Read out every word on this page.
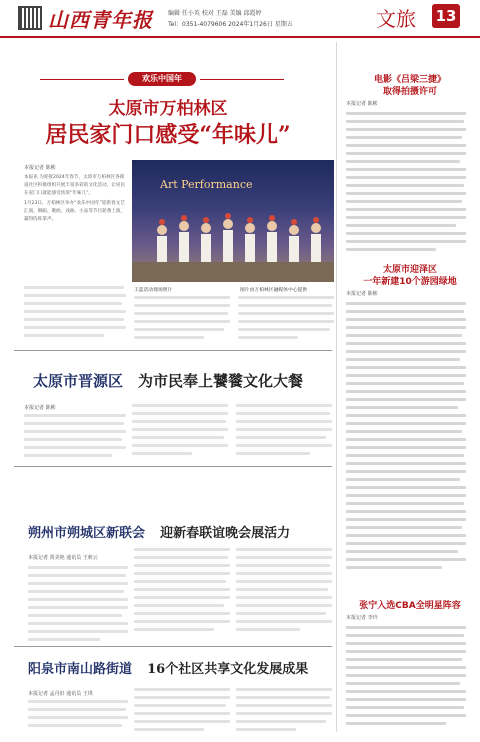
山西青年报	编辑 任小英 校对 王磊 美编 邱霞婷
Tel：0351-4079606 2024年1月26日 星期五	文旅 13
欢乐中国年
太原市万柏林区
居民家门口感受“年味儿”
本报记者 陈彬

本报讯 为迎接2024年春节，太原市万柏林区各街道社区积极组织开展丰富多彩的文化活动，让居民在家门口就能感受浓浓“年味儿”。

1月23日，万柏林区举办“欢乐中国年”迎新春文艺汇演，舞蹈、歌曲、戏曲、小品等节目轮番上演，赢得阵阵掌声。

Art Performance
王蓝活动现场照片	图片由万柏林区融媒体中心提供
太原市晋源区 为市民奉上饕餮文化大餐
本报记者 陈彬
朔州市朔城区新联会 迎新春联谊晚会展活力
本报记者 贾美艳 通讯员 王莉云
阳泉市南山路街道 16个社区共享文化发展成果
本报记者 孟丹旧 通讯员 王琪
电影《吕梁三捷》
取得拍摄许可
本报记者 陈彬
太原市迎泽区
一年新建10个游园绿地
本报记者 陈彬
张宁入选CBA全明星阵容
本报记者 李玲
